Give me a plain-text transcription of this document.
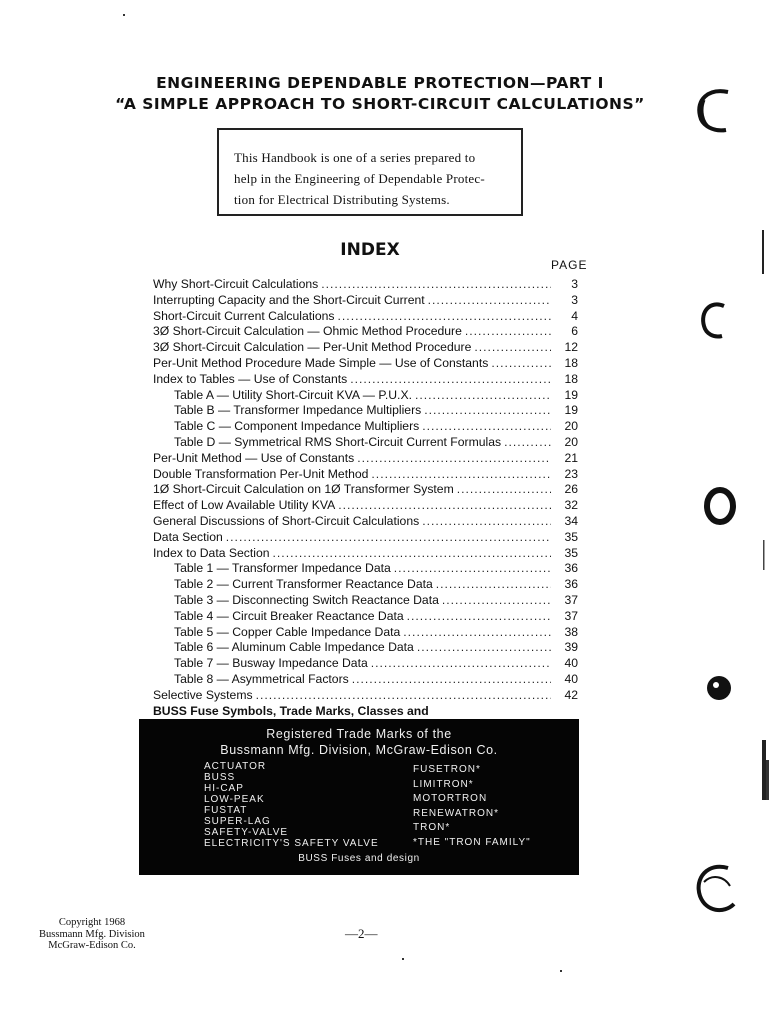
ENGINEERING DEPENDABLE PROTECTION—PART I
“A SIMPLE APPROACH TO SHORT-CIRCUIT CALCULATIONS”
This Handbook is one of a series prepared to
help in the Engineering of Dependable Protec-
tion for Electrical Distributing Systems.
INDEX
PAGE
Why Short-Circuit Calculations .....	3
Interrupting Capacity and the Short-Circuit Current .....	3
Short-Circuit Current Calculations .....	4
3Ø Short-Circuit Calculation — Ohmic Method Procedure .....	6
3Ø Short-Circuit Calculation — Per-Unit Method Procedure .....	12
Per-Unit Method Procedure Made Simple — Use of Constants .....	18
Index to Tables — Use of Constants .....	18
Table A — Utility Short-Circuit KVA — P.U.X. .....	19
Table B — Transformer Impedance Multipliers .....	19
Table C — Component Impedance Multipliers .....	20
Table D — Symmetrical RMS Short-Circuit Current Formulas .....	20
Per-Unit Method — Use of Constants .....	21
Double Transformation Per-Unit Method .....	23
1Ø Short-Circuit Calculation on 1Ø Transformer System .....	26
Effect of Low Available Utility KVA .....	32
General Discussions of Short-Circuit Calculations .....	34
Data Section .....	35
Index to Data Section .....	35
Table 1 — Transformer Impedance Data .....	36
Table 2 — Current Transformer Reactance Data .....	36
Table 3 — Disconnecting Switch Reactance Data .....	37
Table 4 — Circuit Breaker Reactance Data .....	37
Table 5 — Copper Cable Impedance Data .....	38
Table 6 — Aluminum Cable Impedance Data .....	39
Table 7 — Busway Impedance Data .....	40
Table 8 — Asymmetrical Factors .....	40
Selective Systems .....	42
BUSS Fuse Symbols, Trade Marks, Classes and
.....

Registered Trade Marks of the

Bussmann Mfg. Division, McGraw-Edison Co.

ACTUATOR
BUSS
HI-CAP
LOW-PEAK
FUSTAT
SUPER-LAG
SAFETY-VALVE
ELECTRICITY'S SAFETY VALVE
FUSETRON*
LIMITRON*
MOTORTRON
RENEWATRON*
TRON*
*THE "TRON FAMILY"
BUSS Fuses and design
Copyright 1968
Bussmann Mfg. Division
McGraw-Edison Co.
—2—
